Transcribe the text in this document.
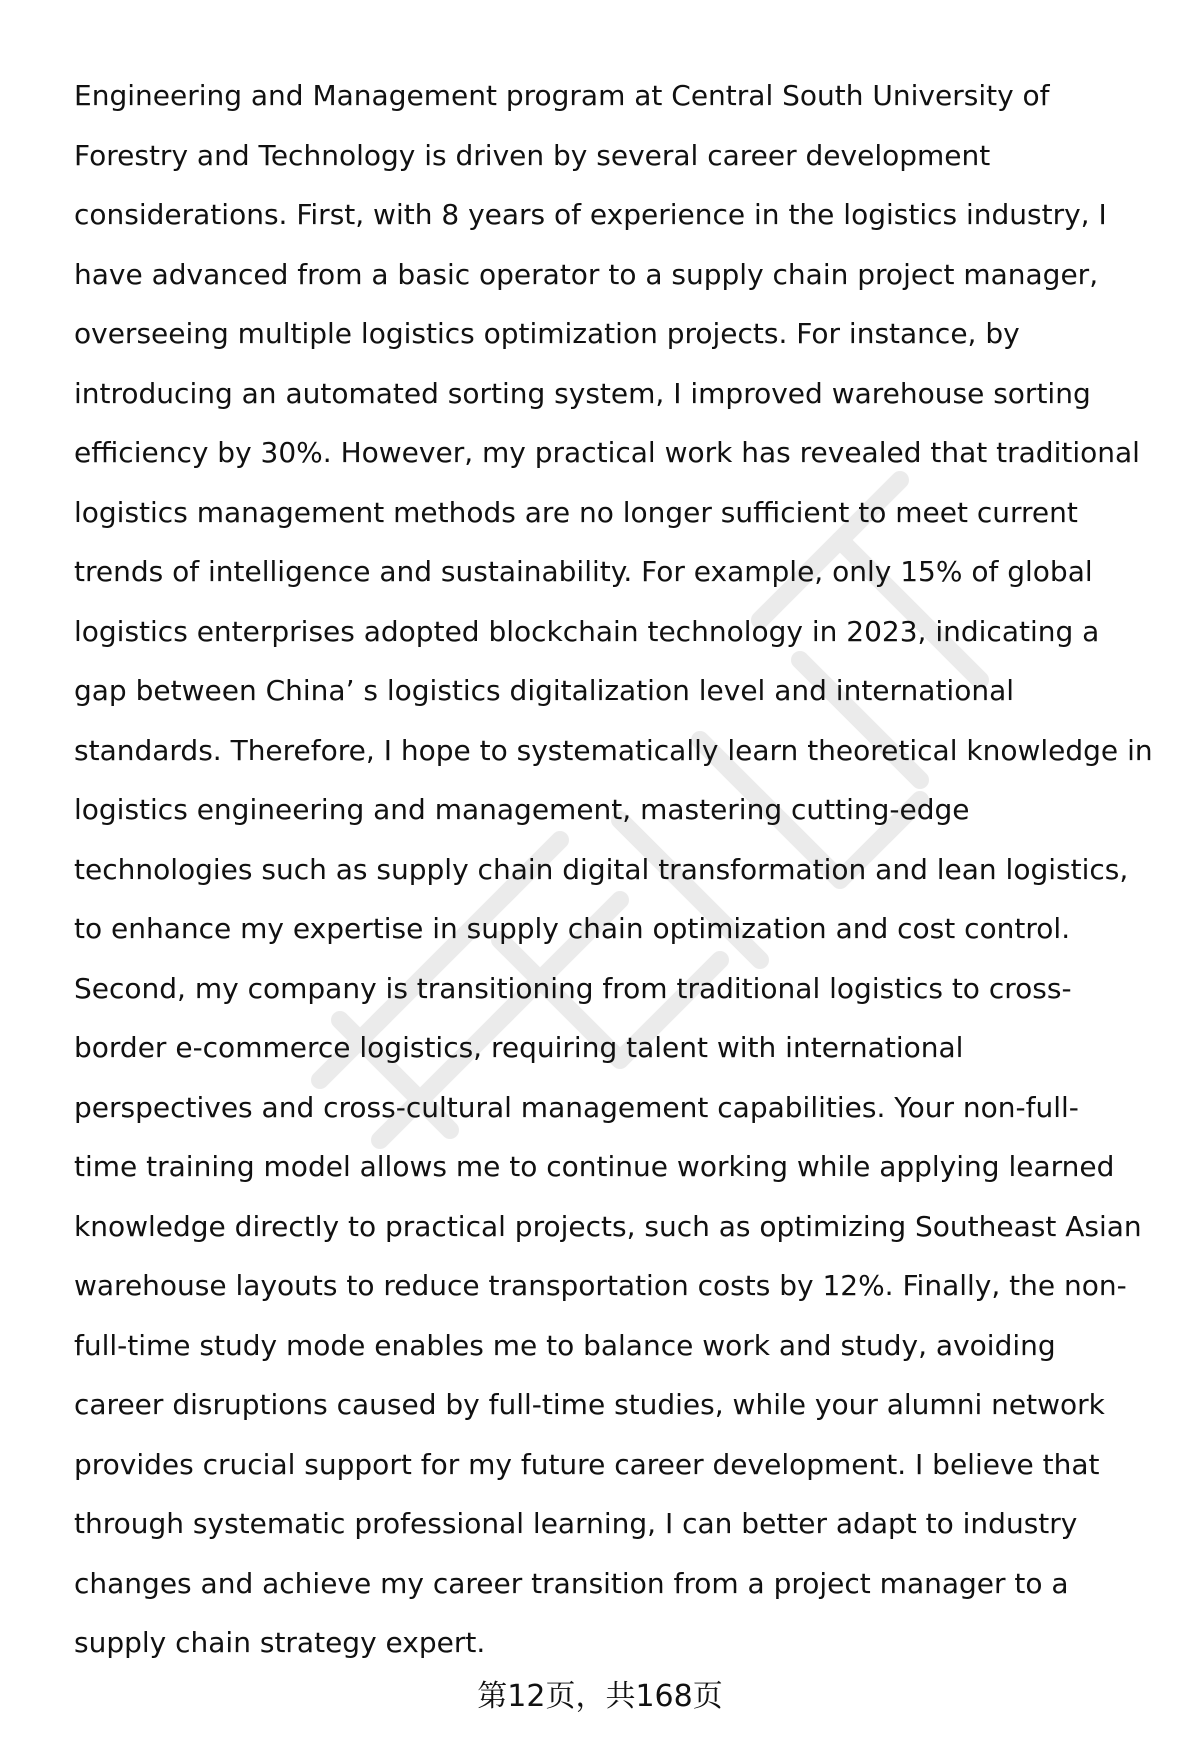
Engineering and Management program at Central South University of
Forestry and Technology is driven by several career development
considerations. First, with 8 years of experience in the logistics industry, I
have advanced from a basic operator to a supply chain project manager,
overseeing multiple logistics optimization projects. For instance, by
introducing an automated sorting system, I improved warehouse sorting
efficiency by 30%. However, my practical work has revealed that traditional
logistics management methods are no longer sufficient to meet current
trends of intelligence and sustainability. For example, only 15% of global
logistics enterprises adopted blockchain technology in 2023, indicating a
gap between China’ s logistics digitalization level and international
standards. Therefore, I hope to systematically learn theoretical knowledge in
logistics engineering and management, mastering cutting-edge
technologies such as supply chain digital transformation and lean logistics,
to enhance my expertise in supply chain optimization and cost control.
Second, my company is transitioning from traditional logistics to cross-
border e-commerce logistics, requiring talent with international
perspectives and cross-cultural management capabilities. Your non-full-
time training model allows me to continue working while applying learned
knowledge directly to practical projects, such as optimizing Southeast Asian
warehouse layouts to reduce transportation costs by 12%. Finally, the non-
full-time study mode enables me to balance work and study, avoiding
career disruptions caused by full-time studies, while your alumni network
provides crucial support for my future career development. I believe that
through systematic professional learning, I can better adapt to industry
changes and achieve my career transition from a project manager to a
supply chain strategy expert.
第12页，共168页
